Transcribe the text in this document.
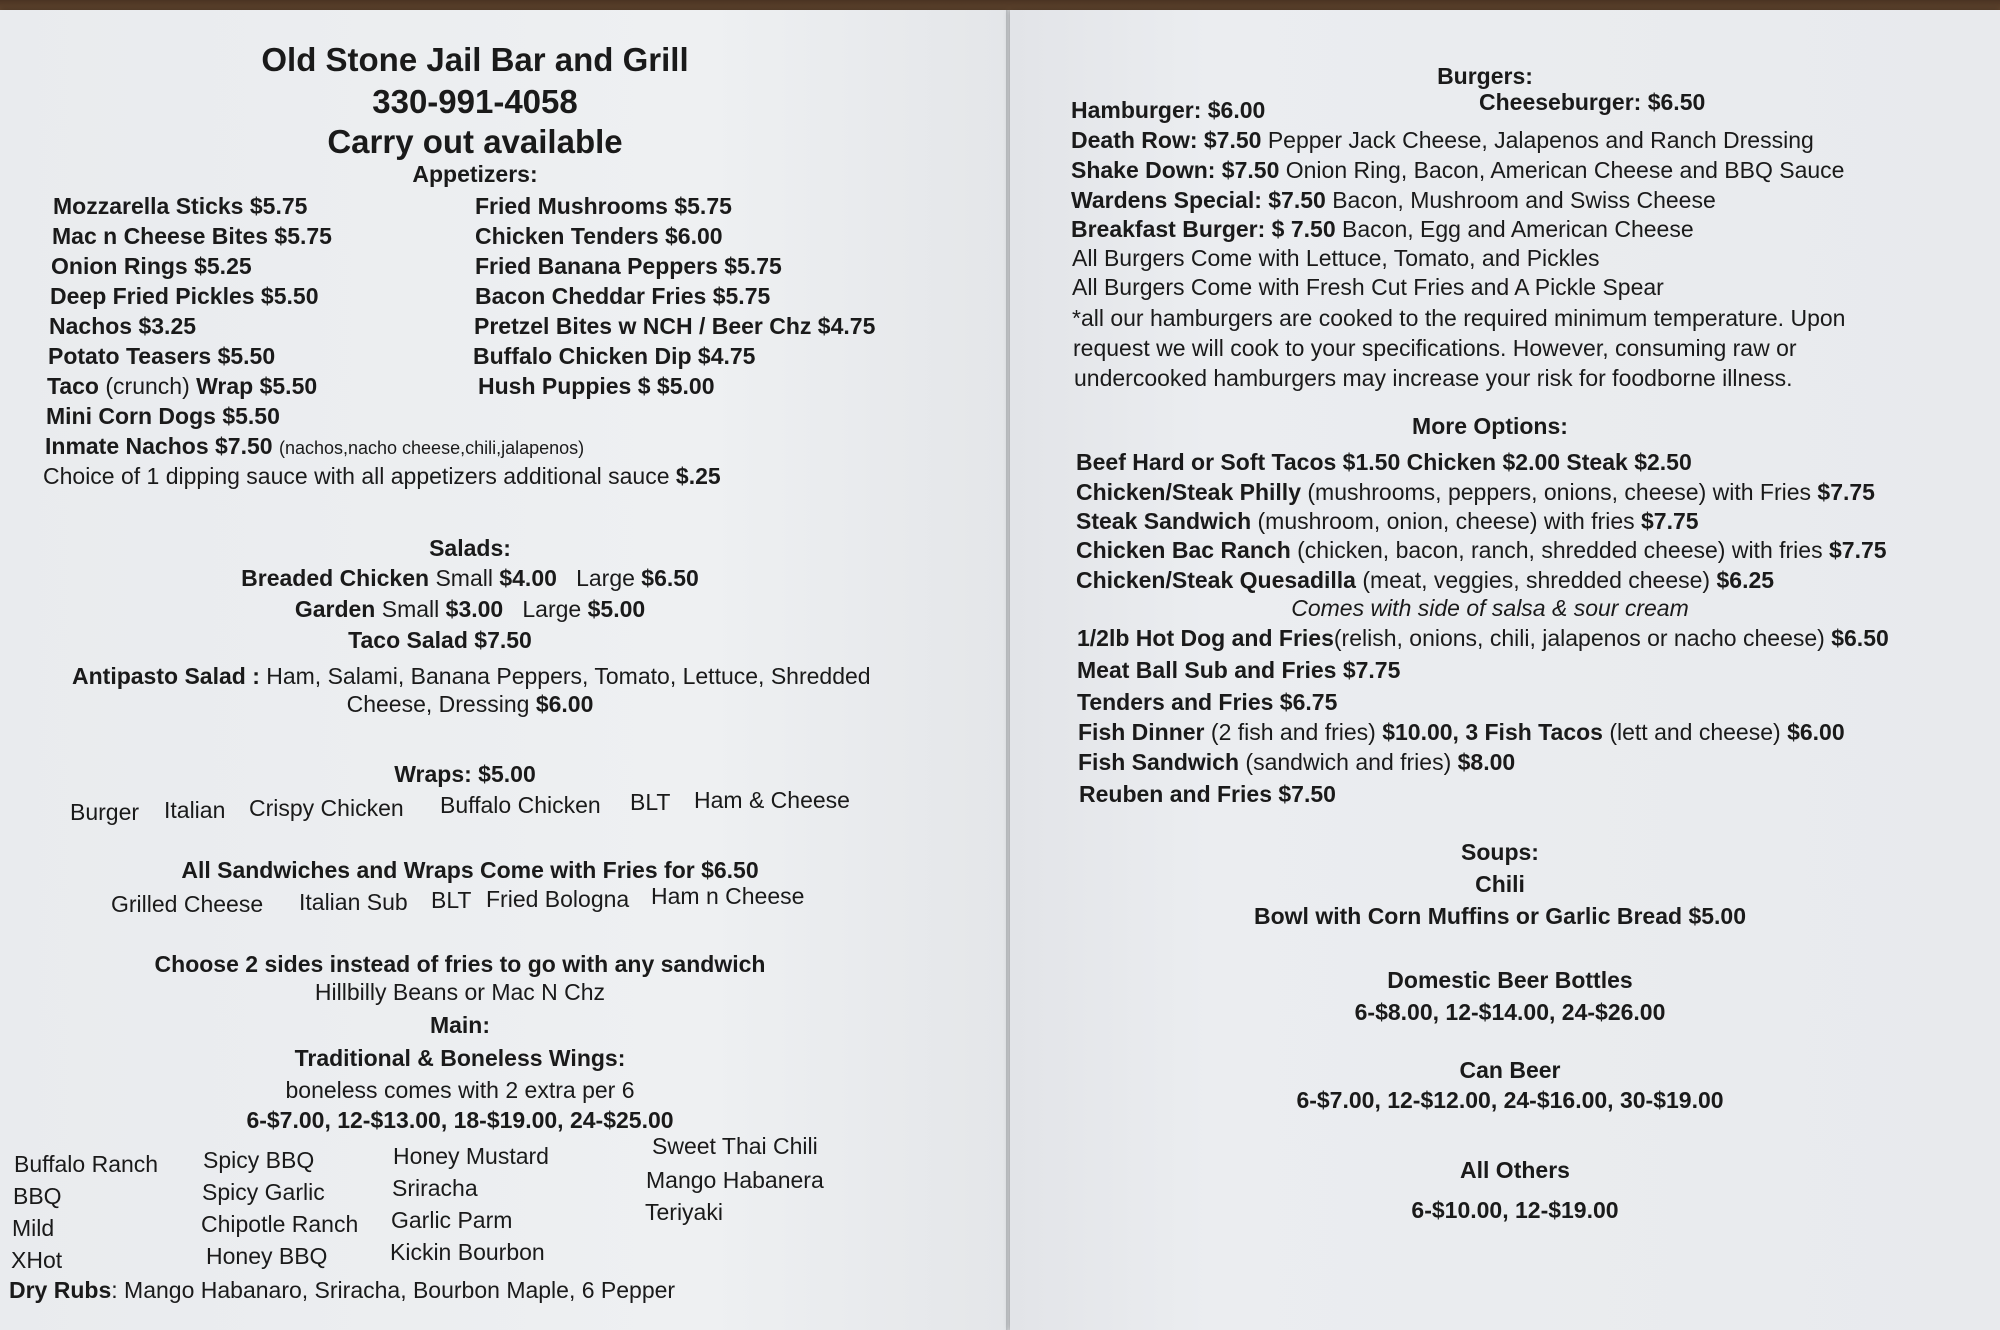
Old Stone Jail Bar and Grill
330-991-4058
Carry out available
Appetizers:
Mozzarella Sticks $5.75
Mac n Cheese Bites $5.75
Onion Rings $5.25
Deep Fried Pickles $5.50
Nachos $3.25
Potato Teasers $5.50
Taco (crunch) Wrap $5.50
Mini Corn Dogs $5.50
Inmate Nachos $7.50 (nachos,nacho cheese,chili,jalapenos)
Choice of 1 dipping sauce with all appetizers additional sauce $.25
Fried Mushrooms $5.75
Chicken Tenders $6.00
Fried Banana Peppers $5.75
Bacon Cheddar Fries $5.75
Pretzel Bites w NCH / Beer Chz $4.75
Buffalo Chicken Dip $4.75
Hush Puppies $ $5.00
Salads:
Breaded Chicken Small $4.00 Large $6.50
Garden Small $3.00 Large $5.00
Taco Salad $7.50
Antipasto Salad : Ham, Salami, Banana Peppers, Tomato, Lettuce, Shredded
Cheese, Dressing $6.00
Wraps: $5.00
Burger Italian Crispy Chicken Buffalo Chicken BLT Ham & Cheese
All Sandwiches and Wraps Come with Fries for $6.50
Grilled Cheese Italian Sub BLT Fried Bologna Ham n Cheese
Choose 2 sides instead of fries to go with any sandwich
Hillbilly Beans or Mac N Chz
Main:
Traditional & Boneless Wings:
boneless comes with 2 extra per 6
6-$7.00, 12-$13.00, 18-$19.00, 24-$25.00
Buffalo Ranch
BBQ
Mild
XHot
Spicy BBQ
Spicy Garlic
Chipotle Ranch
Honey BBQ
Honey Mustard
Sriracha
Garlic Parm
Kickin Bourbon
Sweet Thai Chili
Mango Habanera
Teriyaki
Dry Rubs: Mango Habanaro, Sriracha, Bourbon Maple, 6 Pepper
Burgers:
Hamburger: $6.00	Cheeseburger: $6.50
Death Row: $7.50 Pepper Jack Cheese, Jalapenos and Ranch Dressing
Shake Down: $7.50 Onion Ring, Bacon, American Cheese and BBQ Sauce
Wardens Special: $7.50 Bacon, Mushroom and Swiss Cheese
Breakfast Burger: $ 7.50 Bacon, Egg and American Cheese
All Burgers Come with Lettuce, Tomato, and Pickles
All Burgers Come with Fresh Cut Fries and A Pickle Spear
*all our hamburgers are cooked to the required minimum temperature. Upon
request we will cook to your specifications. However, consuming raw or
undercooked hamburgers may increase your risk for foodborne illness.
More Options:
Beef Hard or Soft Tacos $1.50 Chicken $2.00 Steak $2.50
Chicken/Steak Philly (mushrooms, peppers, onions, cheese) with Fries $7.75
Steak Sandwich (mushroom, onion, cheese) with fries $7.75
Chicken Bac Ranch (chicken, bacon, ranch, shredded cheese) with fries $7.75
Chicken/Steak Quesadilla (meat, veggies, shredded cheese) $6.25
Comes with side of salsa & sour cream
1/2lb Hot Dog and Fries(relish, onions, chili, jalapenos or nacho cheese) $6.50
Meat Ball Sub and Fries $7.75
Tenders and Fries $6.75
Fish Dinner (2 fish and fries) $10.00, 3 Fish Tacos (lett and cheese) $6.00
Fish Sandwich (sandwich and fries) $8.00
Reuben and Fries $7.50
Soups:
Chili
Bowl with Corn Muffins or Garlic Bread $5.00
Domestic Beer Bottles
6-$8.00, 12-$14.00, 24-$26.00
Can Beer
6-$7.00, 12-$12.00, 24-$16.00, 30-$19.00
All Others
6-$10.00, 12-$19.00
